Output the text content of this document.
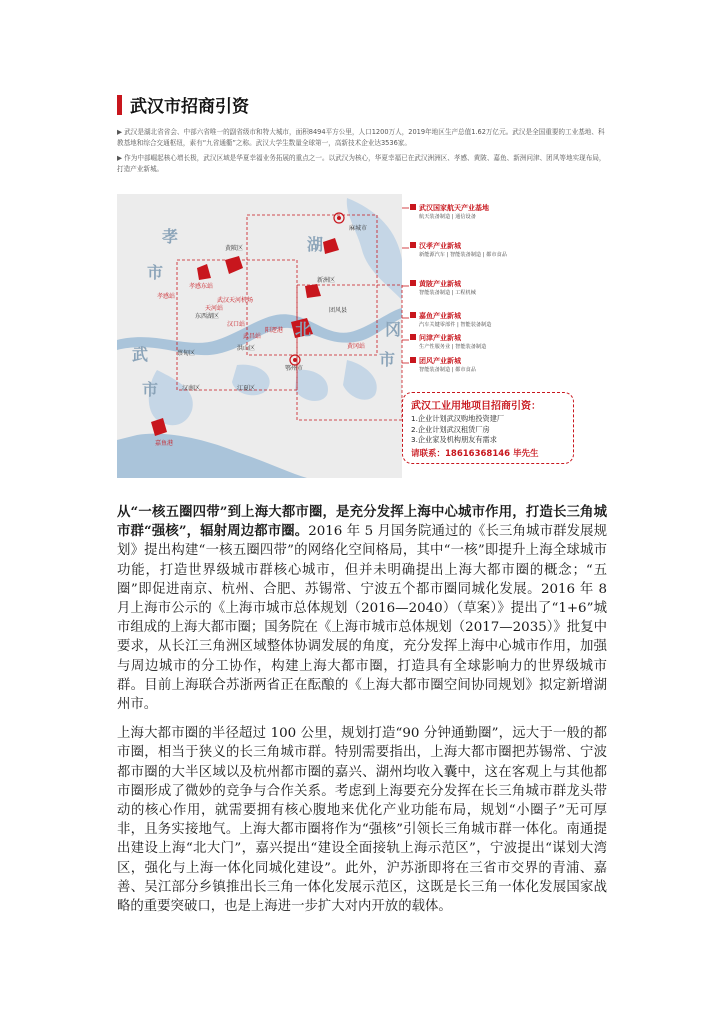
武汉市招商引资

▶ 武汉是湖北省省会、中部六省唯一的副省级市和特大城市，面积8494平方公里，人口1200万人，2019年地区生产总值1.62万亿元。武汉是全国重要的工业基地、科教基地和综合交通枢纽，素有“九省通衢”之称。武汉大学生数量全球第一，高新技术企业达3536家。

▶ 作为中部崛起核心增长极，武汉区域是华夏幸福业务拓展的重点之一。以武汉为核心，华夏幸福已在武汉洲洲区、孝感、黄陂、嘉鱼、新洲问津、团风等地实现布局，打造产业新城。

孝
市
湖
北
武
市
冈
市
黄陂区
新洲区
东西湖区
蔡甸区
汉南区	江夏区
洪山区
团风县
麻城市
鄂州市
嘉鱼港
孝感东站
孝感站
武汉天河机场
汉口站
武昌站
阳逻港
黄冈站
天河站
武汉国家航天产业基地
航天装备制造 | 通信设备
汉孝产业新城
新能源汽车 | 智能装备制造 | 都市食品
黄陂产业新城
智能装备制造 | 工程机械
嘉鱼产业新城
汽车关键零部件 | 智能装备制造
问津产业新城
生产性服务业 | 智能装备制造
团风产业新城
智能装备制造 | 都市食品
武汉工业用地项目招商引资：
1.企业计划武汉购地投资建厂
2.企业计划武汉租赁厂房
3.企业家及机构朋友有需求
请联系：18616368146 毕先生

从“一核五圈四带”到上海大都市圈，是充分发挥上海中心城市作用，打造长三角城市群“强核”，辐射周边都市圈。2016 年 5 月国务院通过的《长三角城市群发展规划》提出构建“一核五圈四带”的网络化空间格局，其中“一核”即提升上海全球城市功能，打造世界级城市群核心城市，但并未明确提出上海大都市圈的概念；“五圈”即促进南京、杭州、合肥、苏锡常、宁波五个都市圈同城化发展。2016 年 8 月上海市公示的《上海市城市总体规划（2016—2040）（草案）》提出了“1+6”城市组成的上海大都市圈；国务院在《上海市城市总体规划（2017—2035）》批复中要求，从长江三角洲区域整体协调发展的角度，充分发挥上海中心城市作用，加强与周边城市的分工协作，构建上海大都市圈，打造具有全球影响力的世界级城市群。目前上海联合苏浙两省正在酝酿的《上海大都市圈空间协同规划》拟定新增湖州市。

上海大都市圈的半径超过 100 公里，规划打造“90 分钟通勤圈”，远大于一般的都市圈，相当于狭义的长三角城市群。特别需要指出，上海大都市圈把苏锡常、宁波都市圈的大半区域以及杭州都市圈的嘉兴、湖州均收入囊中，这在客观上与其他都市圈形成了微妙的竞争与合作关系。考虑到上海要充分发挥在长三角城市群龙头带动的核心作用，就需要拥有核心腹地来优化产业功能布局，规划“小圈子”无可厚非，且务实接地气。上海大都市圈将作为“强核”引领长三角城市群一体化。南通提出建设上海“北大门”，嘉兴提出“建设全面接轨上海示范区”，宁波提出“谋划大湾区，强化与上海一体化同城化建设”。此外，沪苏浙即将在三省市交界的青浦、嘉善、吴江部分乡镇推出长三角一体化发展示范区，这既是长三角一体化发展国家战略的重要突破口，也是上海进一步扩大对内开放的载体。
